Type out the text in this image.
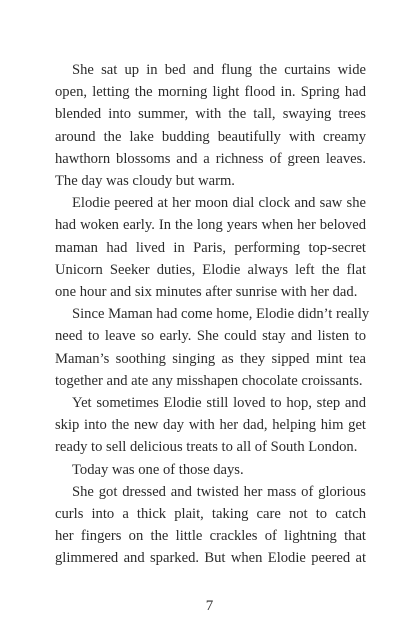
She sat up in bed and flung the curtains wide
open, letting the morning light flood in. Spring had
blended into summer, with the tall, swaying trees
around the lake budding beautifully with creamy
hawthorn blossoms and a richness of green leaves.
The day was cloudy but warm.
Elodie peered at her moon dial clock and saw she
had woken early. In the long years when her beloved
maman had lived in Paris, performing top-secret
Unicorn Seeker duties, Elodie always left the flat
one hour and six minutes after sunrise with her dad.
Since Maman had come home, Elodie didn’t really
need to leave so early. She could stay and listen to
Maman’s soothing singing as they sipped mint tea
together and ate any misshapen chocolate croissants.
Yet sometimes Elodie still loved to hop, step and
skip into the new day with her dad, helping him get
ready to sell delicious treats to all of South London.
Today was one of those days.
She got dressed and twisted her mass of glorious
curls into a thick plait, taking care not to catch
her fingers on the little crackles of lightning that
glimmered and sparked. But when Elodie peered at
7
